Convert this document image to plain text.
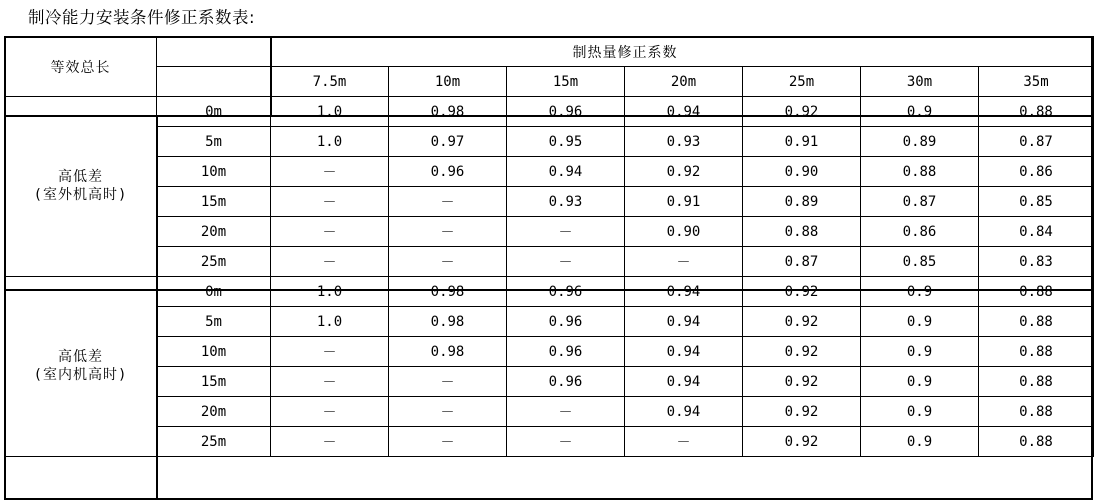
制冷能力安装条件修正系数表:
等效总长	制热量修正系数							
		7.5m	10m	15m	20m	25m	30m	35m

高低差
(室外机高时)	0m	1.0	0.98	0.96	0.94	0.92	0.9	0.88
	5m	1.0	0.97	0.95	0.93	0.91	0.89	0.87
	10m	－	0.96	0.94	0.92	0.90	0.88	0.86
	15m	－	－	0.93	0.91	0.89	0.87	0.85
	20m	－	－	－	0.90	0.88	0.86	0.84
	25m	－	－	－	－	0.87	0.85	0.83

高低差
(室内机高时)	0m	1.0	0.98	0.96	0.94	0.92	0.9	0.88
	5m	1.0	0.98	0.96	0.94	0.92	0.9	0.88
	10m	－	0.98	0.96	0.94	0.92	0.9	0.88
	15m	－	－	0.96	0.94	0.92	0.9	0.88
	20m	－	－	－	0.94	0.92	0.9	0.88
	25m	－	－	－	－	0.92	0.9	0.88
